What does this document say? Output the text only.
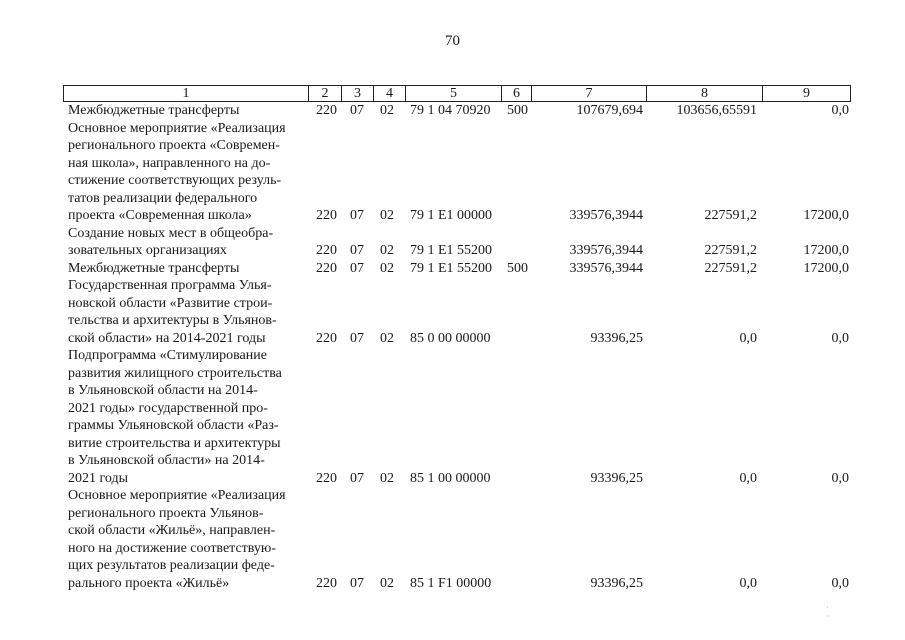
70
1	2	3	4	5	6	7	8	9
Межбюджетные трансферты	220 07 02 79 1 04 70920 500	107679,694	103656,65591	0,0
Основное мероприятие «Реализация
регионального проекта «Современ-
ная школа», направленного на до-
стижение соответствующих резуль-
татов реализации федерального
проекта «Современная школа»	220 07 02 79 1 E1 00000	339576,3944	227591,2	17200,0
Создание новых мест в общеобра-
зовательных организациях	220 07 02 79 1 E1 55200	339576,3944	227591,2	17200,0
Межбюджетные трансферты	220 07 02 79 1 E1 55200 500	339576,3944	227591,2	17200,0
Государственная программа Улья-
новской области «Развитие строи-
тельства и архитектуры в Ульянов-
ской области» на 2014-2021 годы	220 07 02 85 0 00 00000	93396,25	0,0	0,0
Подпрограмма «Стимулирование
развития жилищного строительства
в Ульяновской области на 2014-
2021 годы» государственной про-
граммы Ульяновской области «Раз-
витие строительства и архитектуры
в Ульяновской области» на 2014-
2021 годы	220 07 02 85 1 00 00000	93396,25	0,0	0,0
Основное мероприятие «Реализация
регионального проекта Ульянов-
ской области «Жильё», направлен-
ного на достижение соответствую-
щих результатов реализации феде-
рального проекта «Жильё»	220 07 02 85 1 F1 00000	93396,25	0,0	0,0
· ·
